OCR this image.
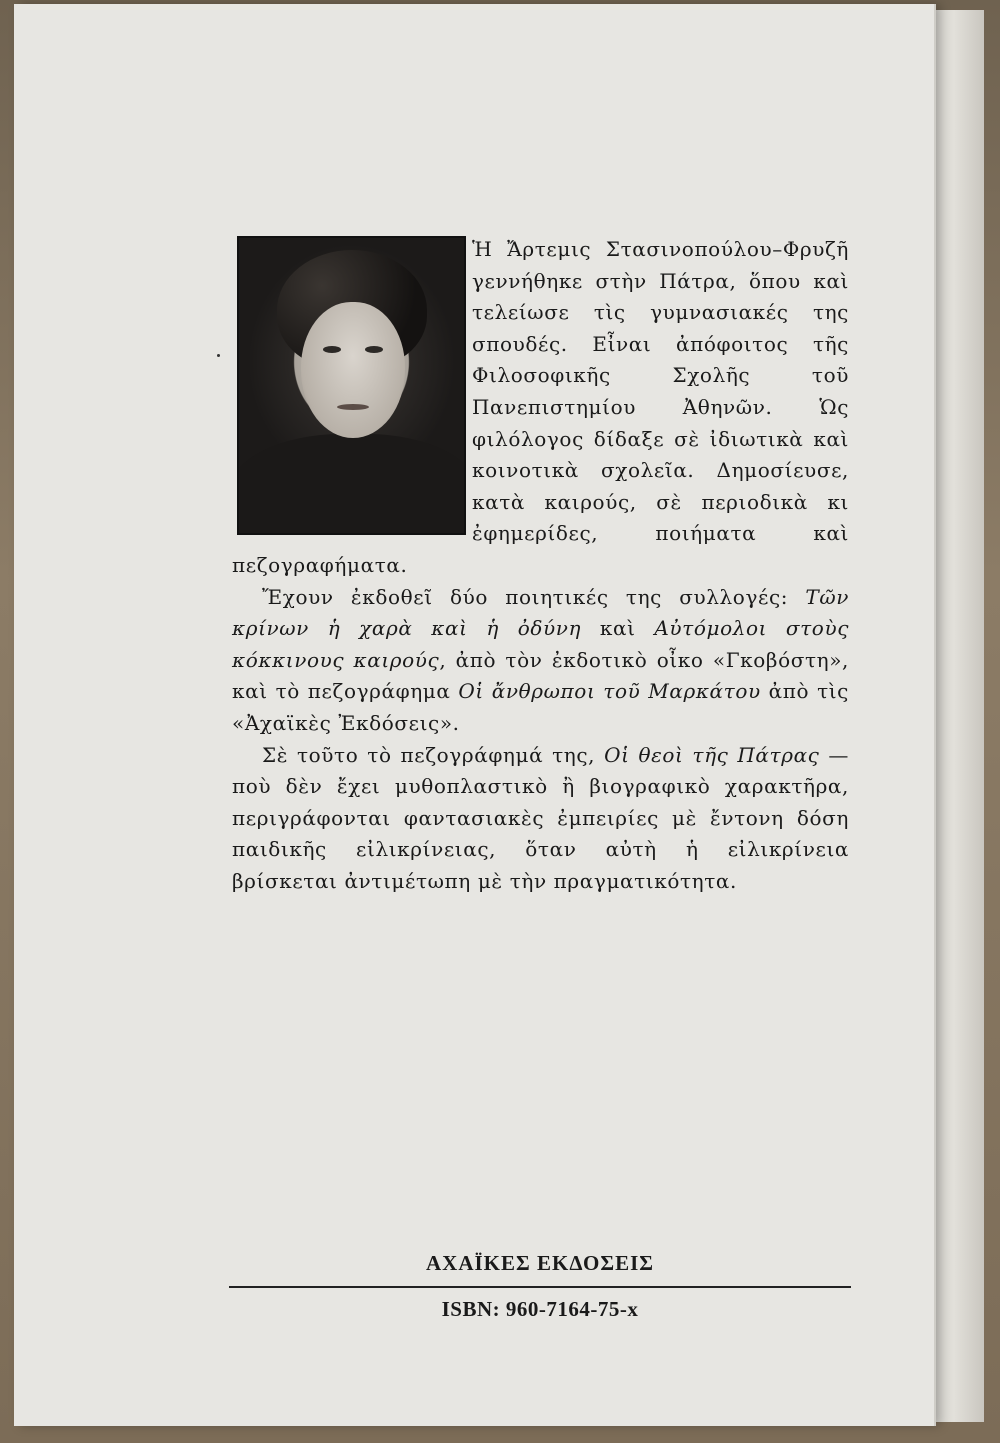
Ἡ Ἄρτεμις Στασινοπούλου–Φρυζῆ γεννήθηκε στὴν Πάτρα, ὅπου καὶ τελείωσε τὶς γυμνασιακές της σπουδές. Εἶναι ἀπόφοιτος τῆς Φιλοσοφικῆς Σχολῆς τοῦ Πανεπιστημίου Ἀθηνῶν. Ὡς φιλόλογος δίδαξε σὲ ἰδιωτικὰ καὶ κοινοτικὰ σχολεῖα. Δημοσίευσε, κατὰ καιρούς, σὲ περιοδικὰ κι ἐφημερίδες, ποιήματα καὶ πεζογραφήματα.

Ἔχουν ἐκδοθεῖ δύο ποιητικές της συλλογές: Τῶν κρίνων ἡ χαρὰ καὶ ἡ ὀδύνη καὶ Αὐτόμολοι στοὺς κόκκινους καιρούς, ἀπὸ τὸν ἐκδοτικὸ οἶκο «Γκοβόστη», καὶ τὸ πεζογράφημα Οἱ ἄνθρωποι τοῦ Μαρκάτου ἀπὸ τὶς «Ἀχαϊκὲς Ἐκδόσεις».

Σὲ τοῦτο τὸ πεζογράφημά της, Οἱ θεοὶ τῆς Πάτρας —ποὺ δὲν ἔχει μυθοπλαστικὸ ἢ βιογραφικὸ χαρακτῆρα, περιγράφονται φαντασιακὲς ἐμπειρίες μὲ ἔντονη δόση παιδικῆς εἰλικρίνειας, ὅταν αὐτὴ ἡ εἰλικρίνεια βρίσκεται ἀντιμέτωπη μὲ τὴν πραγματικότητα.

ΑΧΑΪΚΕΣ ΕΚΔΟΣΕΙΣ
ISBN: 960-7164-75-x
